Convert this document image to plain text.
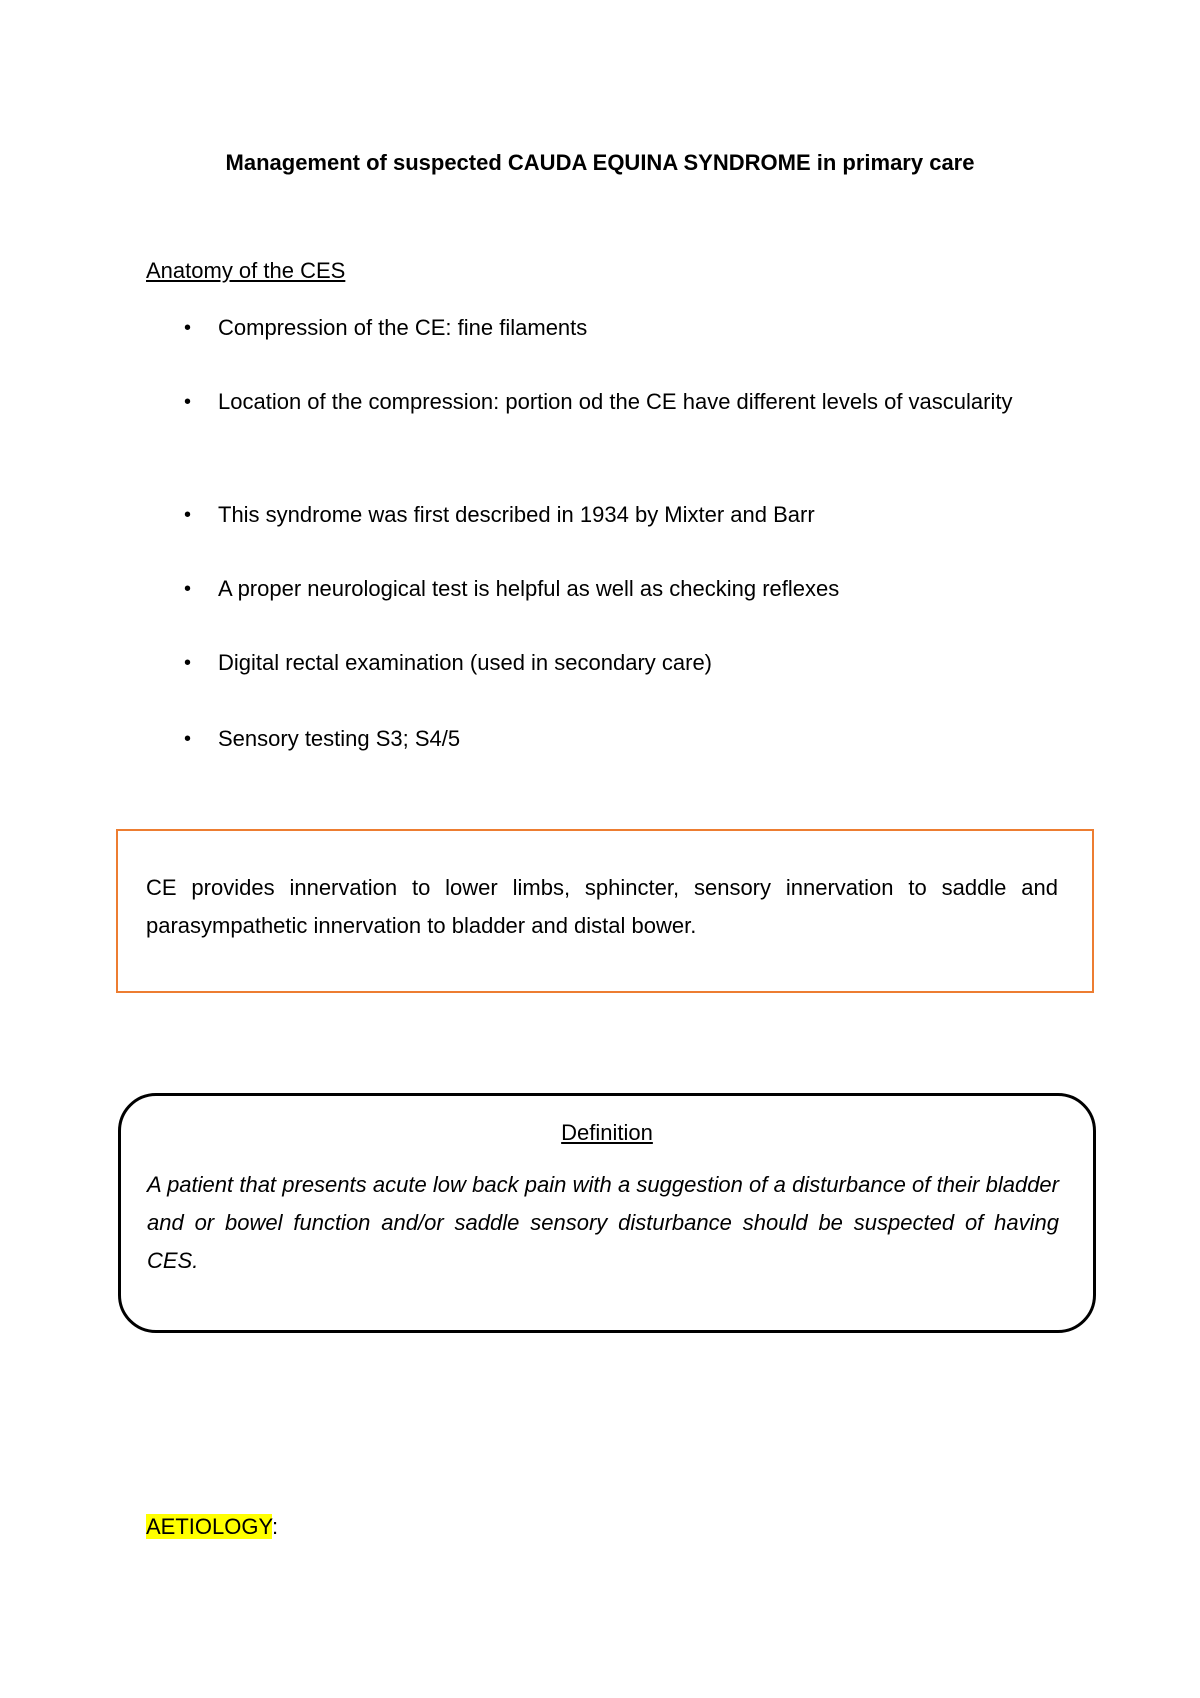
Management of suspected CAUDA EQUINA SYNDROME in primary care
Anatomy of the CES
• Compression of the CE: fine filaments
• Location of the compression: portion od the CE have different levels of vascularity
• This syndrome was first described in 1934 by Mixter and Barr
• A proper neurological test is helpful as well as checking reflexes
• Digital rectal examination (used in secondary care)
• Sensory testing S3; S4/5
CE provides innervation to lower limbs, sphincter, sensory innervation to saddle and parasympathetic innervation to bladder and distal bower.
Definition
A patient that presents acute low back pain with a suggestion of a disturbance of their bladder and or bowel function and/or saddle sensory disturbance should be suspected of having CES.
AETIOLOGY:
